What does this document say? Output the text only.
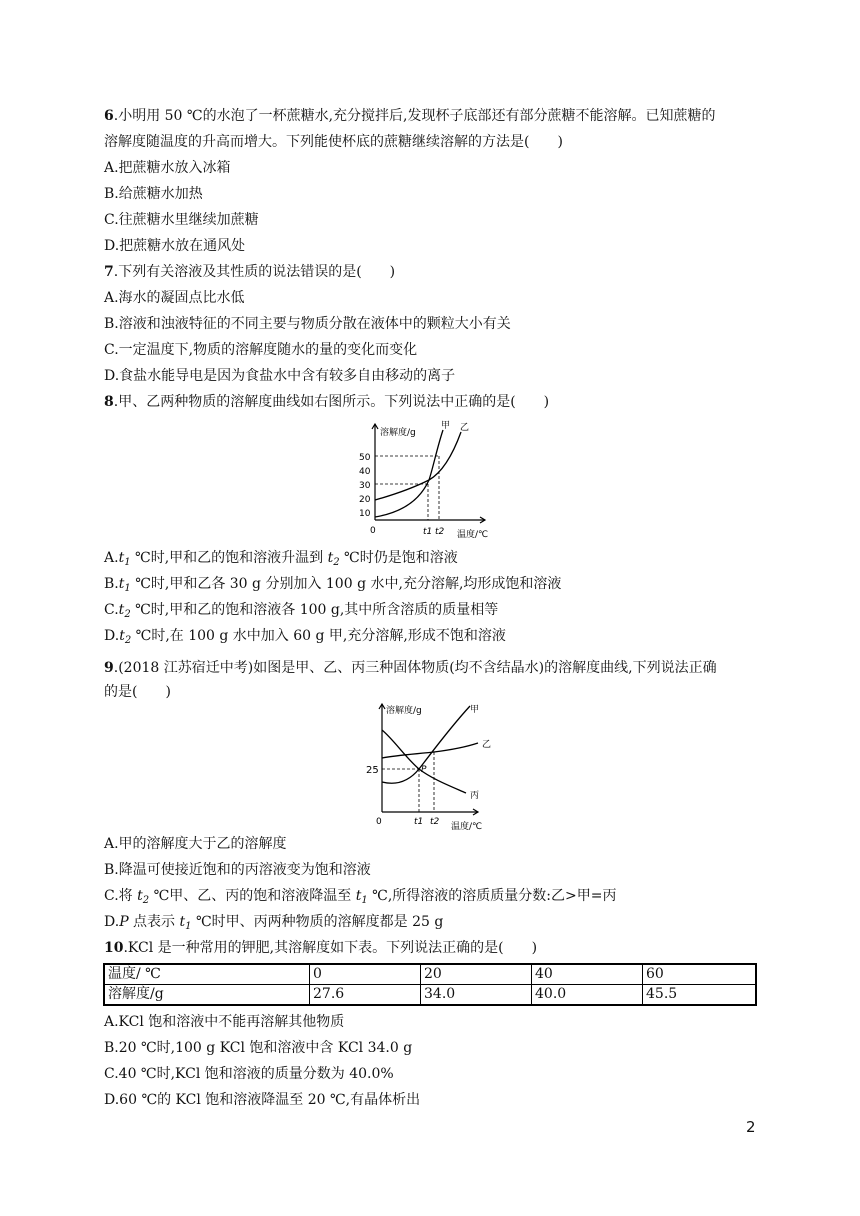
6.小明用 50 ℃的水泡了一杯蔗糖水,充分搅拌后,发现杯子底部还有部分蔗糖不能溶解。已知蔗糖的
溶解度随温度的升高而增大。下列能使杯底的蔗糖继续溶解的方法是(　　)
A.把蔗糖水放入冰箱
B.给蔗糖水加热
C.往蔗糖水里继续加蔗糖
D.把蔗糖水放在通风处
7.下列有关溶液及其性质的说法错误的是(　　)
A.海水的凝固点比水低
B.溶液和浊液特征的不同主要与物质分散在液体中的颗粒大小有关
C.一定温度下,物质的溶解度随水的量的变化而变化
D.食盐水能导电是因为食盐水中含有较多自由移动的离子
8.甲、乙两种物质的溶解度曲线如右图所示。下列说法中正确的是(　　)
溶解度/g
50
40
30
20
10
0	t1 t2 温度/℃
甲 乙
$A.t_1$ ℃时,甲和乙的饱和溶液升温到 $t_2$ ℃时仍是饱和溶液
$B.t_1$ ℃时,甲和乙各 30 g 分别加入 100 g 水中,充分溶解,均形成饱和溶液
$C.t_2$ ℃时,甲和乙的饱和溶液各 100 g,其中所含溶质的质量相等
$D.t_2$ ℃时,在 100 g 水中加入 60 g 甲,充分溶解,形成不饱和溶液
9.(2018 江苏宿迁中考)如图是甲、乙、丙三种固体物质(均不含结晶水)的溶解度曲线,下列说法正确
的是(　　)
溶解度/g
25	P
0	t1 t2 温度/℃
甲
乙
丙
A.甲的溶解度大于乙的溶解度
B.降温可使接近饱和的丙溶液变为饱和溶液
C.将 $t_2$ ℃甲、乙、丙的饱和溶液降温至 $t_1$ ℃,所得溶液的溶质质量分数:乙>甲=丙
D.P 点表示 $t_1$ ℃时甲、丙两种物质的溶解度都是 25 g
10.KCl 是一种常用的钾肥,其溶解度如下表。下列说法正确的是(　　)
温度/ ℃	0	20	40	60
溶解度/g	27.6	34.0	40.0	45.5
A.KCl 饱和溶液中不能再溶解其他物质
B.20 ℃时,100 g KCl 饱和溶液中含 KCl 34.0 g
C.40 ℃时,KCl 饱和溶液的质量分数为 40.0%
D.60 ℃的 KCl 饱和溶液降温至 20 ℃,有晶体析出
2
